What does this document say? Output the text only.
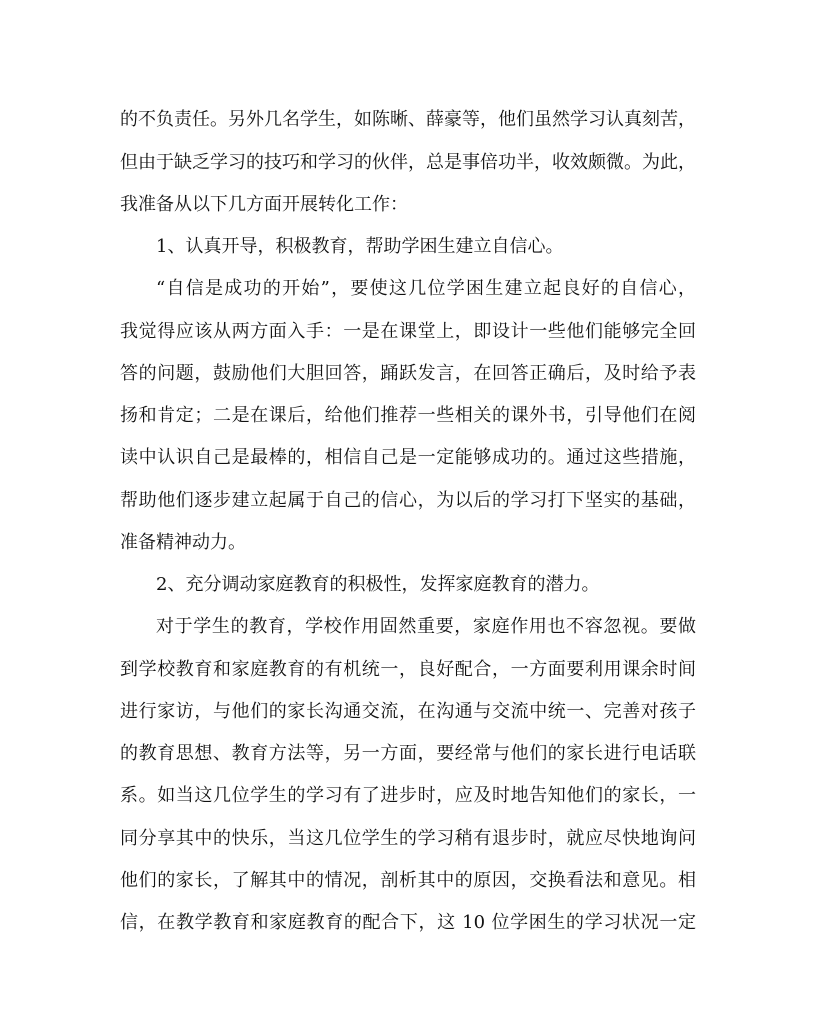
的不负责任。另外几名学生，如陈晰、薛豪等，他们虽然学习认真刻苦，
但由于缺乏学习的技巧和学习的伙伴，总是事倍功半，收效颇微。为此，
我准备从以下几方面开展转化工作：
1、认真开导，积极教育，帮助学困生建立自信心。
“自信是成功的开始”，要使这几位学困生建立起良好的自信心，
我觉得应该从两方面入手：一是在课堂上，即设计一些他们能够完全回
答的问题，鼓励他们大胆回答，踊跃发言，在回答正确后，及时给予表
扬和肯定；二是在课后，给他们推荐一些相关的课外书，引导他们在阅
读中认识自己是最棒的，相信自己是一定能够成功的。通过这些措施，
帮助他们逐步建立起属于自己的信心，为以后的学习打下坚实的基础，
准备精神动力。
2、充分调动家庭教育的积极性，发挥家庭教育的潜力。
对于学生的教育，学校作用固然重要，家庭作用也不容忽视。要做
到学校教育和家庭教育的有机统一，良好配合，一方面要利用课余时间
进行家访，与他们的家长沟通交流，在沟通与交流中统一、完善对孩子
的教育思想、教育方法等，另一方面，要经常与他们的家长进行电话联
系。如当这几位学生的学习有了进步时，应及时地告知他们的家长，一
同分享其中的快乐，当这几位学生的学习稍有退步时，就应尽快地询问
他们的家长，了解其中的情况，剖析其中的原因，交换看法和意见。相
信，在教学教育和家庭教育的配合下，这 10 位学困生的学习状况一定
